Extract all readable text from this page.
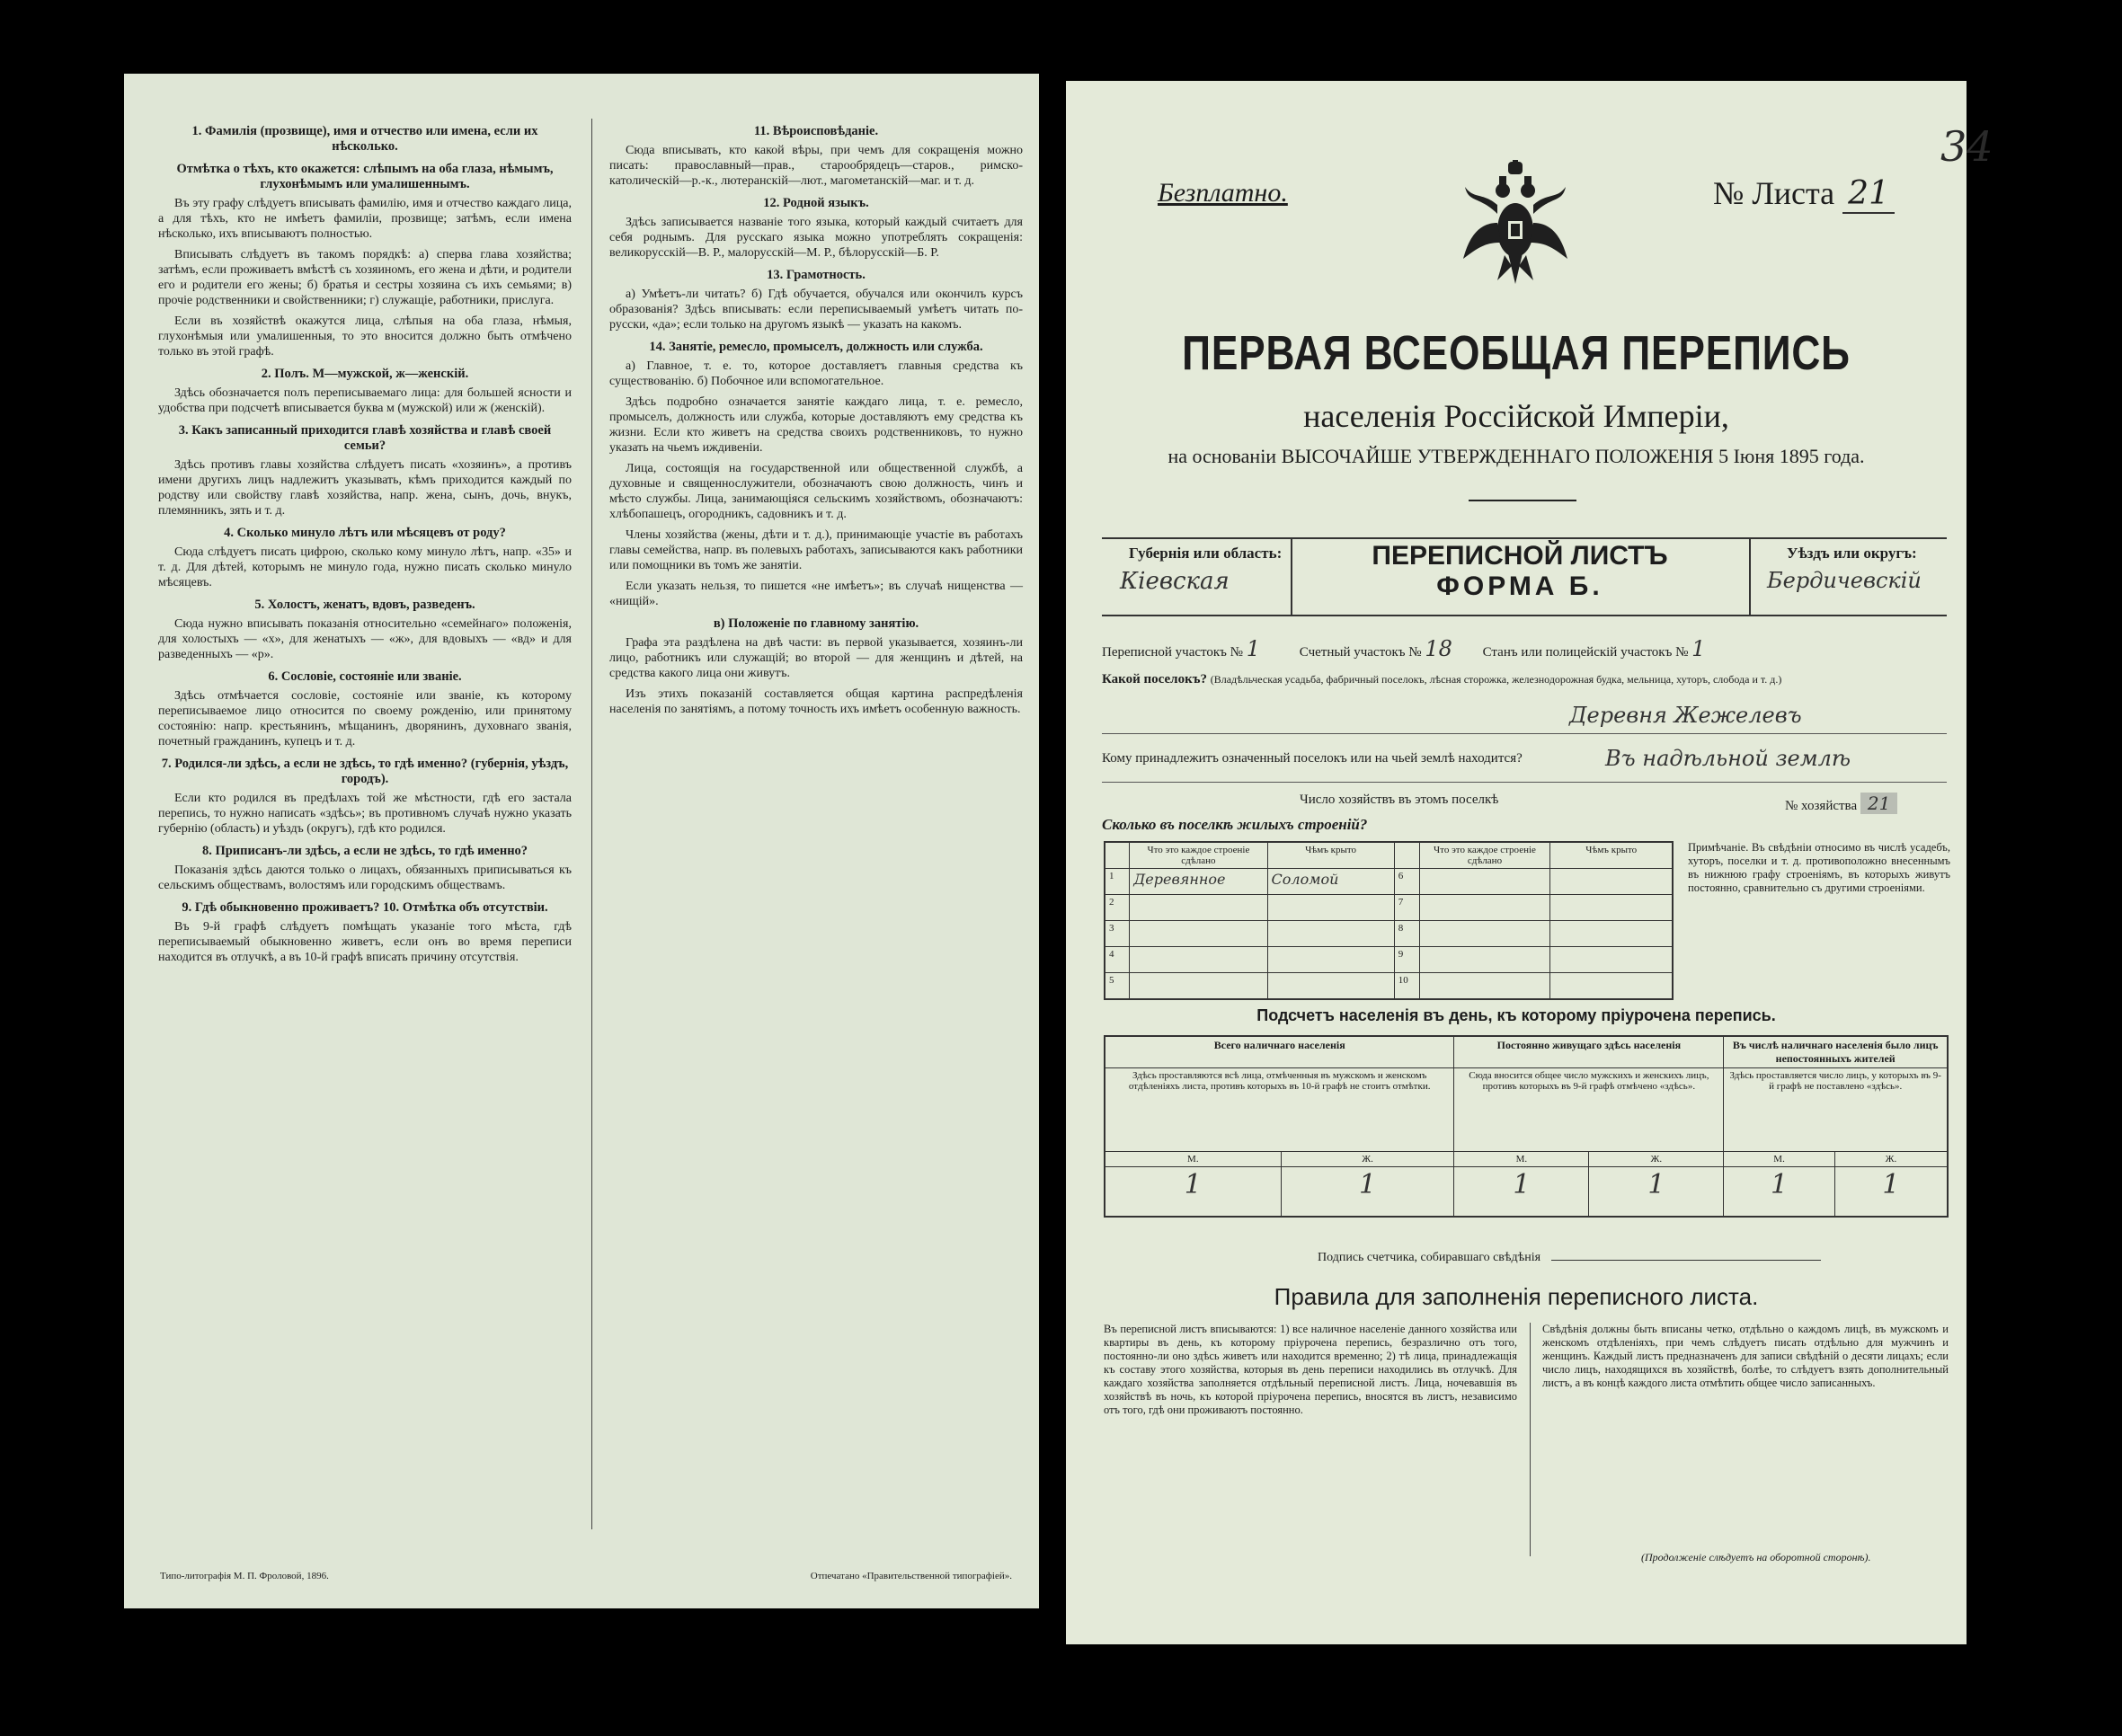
1. Фамилія (прозвище), имя и отчество или имена, если их нѣсколько.
Отмѣтка о тѣхъ, кто окажется: слѣпымъ на оба глаза, нѣмымъ, глухонѣмымъ или умалишеннымъ.
Въ эту графу слѣдуетъ вписывать фамилію, имя и отчество каждаго лица, а для тѣхъ, кто не имѣетъ фамиліи, прозвище; затѣмъ, если имена нѣсколько, ихъ вписываютъ полностью.
Вписывать слѣдуетъ въ такомъ порядкѣ: а) сперва глава хозяйства; затѣмъ, если проживаетъ вмѣстѣ съ хозяиномъ, его жена и дѣти, и родители его и родители его жены; б) братья и сестры хозяина съ ихъ семьями; в) прочіе родственники и свойственники; г) служащіе, работники, прислуга.
Если въ хозяйствѣ окажутся лица, слѣпыя на оба глаза, нѣмыя, глухонѣмыя или умалишенныя, то это вносится должно быть отмѣчено только въ этой графѣ.
2. Полъ. М—мужской, ж—женскій.
Здѣсь обозначается полъ переписываемаго лица: для большей ясности и удобства при подсчетѣ вписывается буква м (мужской) или ж (женскій).
3. Какъ записанный приходится главѣ хозяйства и главѣ своей семьи?
Здѣсь противъ главы хозяйства слѣдуетъ писать «хозяинъ», а противъ имени другихъ лицъ надлежитъ указывать, кѣмъ приходится каждый по родству или свойству главѣ хозяйства, напр. жена, сынъ, дочь, внукъ, племянникъ, зять и т. д.
4. Сколько минуло лѣтъ или мѣсяцевъ от роду?
Сюда слѣдуетъ писать цифрою, сколько кому минуло лѣтъ, напр. «35» и т. д. Для дѣтей, которымъ не минуло года, нужно писать сколько минуло мѣсяцевъ.
5. Холостъ, женатъ, вдовъ, разведенъ.
Сюда нужно вписывать показанія относительно «семейнаго» положенія, для холостыхъ — «х», для женатыхъ — «ж», для вдовыхъ — «вд» и для разведенныхъ — «р».
6. Сословіе, состояніе или званіе.
Здѣсь отмѣчается сословіе, состояніе или званіе, къ которому переписываемое лицо относится по своему рожденію, или принятому состоянію: напр. крестьянинъ, мѣщанинъ, дворянинъ, духовнаго званія, почетный гражданинъ, купецъ и т. д.
7. Родился-ли здѣсь, а если не здѣсь, то гдѣ именно? (губернія, уѣздъ, городъ).
Если кто родился въ предѣлахъ той же мѣстности, гдѣ его застала перепись, то нужно написать «здѣсь»; въ противномъ случаѣ нужно указать губернію (область) и уѣздъ (округъ), гдѣ кто родился.
8. Приписанъ-ли здѣсь, а если не здѣсь, то гдѣ именно?
Показанія здѣсь даются только о лицахъ, обязанныхъ приписываться къ сельскимъ обществамъ, волостямъ или городскимъ обществамъ.
9. Гдѣ обыкновенно проживаетъ? 10. Отмѣтка объ отсутствіи.
Въ 9-й графѣ слѣдуетъ помѣщать указаніе того мѣста, гдѣ переписываемый обыкновенно живетъ, если онъ во время переписи находится въ отлучкѣ, а въ 10-й графѣ вписать причину отсутствія.
11. Вѣроисповѣданіе.
Сюда вписывать, кто какой вѣры, при чемъ для сокращенія можно писать: православный—прав., старообрядецъ—старов., римско-католическій—р.-к., лютеранскій—лют., магометанскій—маг. и т. д.
12. Родной языкъ.
Здѣсь записывается названіе того языка, который каждый считаетъ для себя роднымъ. Для русскаго языка можно употреблять сокращенія: великорусскій—В. Р., малорусскій—М. Р., бѣлорусскій—Б. Р.
13. Грамотность.
а) Умѣетъ-ли читать? б) Гдѣ обучается, обучался или окончилъ курсъ образованія? Здѣсь вписывать: если переписываемый умѣетъ читать по-русски, «да»; если только на другомъ языкѣ — указать на какомъ.
14. Занятіе, ремесло, промыселъ, должность или служба.
а) Главное, т. е. то, которое доставляетъ главныя средства къ существованію. б) Побочное или вспомогательное.
Здѣсь подробно означается занятіе каждаго лица, т. е. ремесло, промыселъ, должность или служба, которые доставляютъ ему средства къ жизни. Если кто живетъ на средства своихъ родственниковъ, то нужно указать на чьемъ иждивеніи.
Лица, состоящія на государственной или общественной службѣ, а духовные и священнослужители, обозначаютъ свою должность, чинъ и мѣсто службы. Лица, занимающіяся сельскимъ хозяйствомъ, обозначаютъ: хлѣбопашецъ, огородникъ, садовникъ и т. д.
Члены хозяйства (жены, дѣти и т. д.), принимающіе участіе въ работахъ главы семейства, напр. въ полевыхъ работахъ, записываются какъ работники или помощники въ томъ же занятіи.
Если указать нельзя, то пишется «не имѣетъ»; въ случаѣ нищенства — «нищій».
в) Положеніе по главному занятію.
Графа эта раздѣлена на двѣ части: въ первой указывается, хозяинъ-ли лицо, работникъ или служащій; во второй — для женщинъ и дѣтей, на средства какого лица они живутъ.
Изъ этихъ показаній составляется общая картина распредѣленія населенія по занятіямъ, а потому точность ихъ имѣетъ особенную важность.
Типо-литографія М. П. Фроловой, 1896.	Отпечатано «Правительственной типографіей».
34
Безплатно.	№ Листа 21
ПЕРВАЯ ВСЕОБЩАЯ ПЕРЕПИСЬ
населенія Россійской Имперіи,
на основаніи ВЫСОЧАЙШЕ УТВЕРЖДЕННАГО ПОЛОЖЕНІЯ 5 Іюня 1895 года.
Губернія или область:
Кіевская
ПЕРЕПИСНОЙ ЛИСТЪ
ФОРМА Б.
Уѣздъ или округъ:
Бердичевскій
Переписной участокъ № 1	Счетный участокъ № 18 Станъ или полицейскій участокъ № 1
Какой поселокъ? (Владѣльческая усадьба, фабричный поселокъ, лѣсная сторожка, железнодорожная будка, мельница, хуторъ, слобода и т. д.)
Деревня Жежелевъ
Кому принадлежитъ означенный поселокъ или на чьей землѣ находится?	Въ надѣльной землѣ
Число хозяйствъ въ этомъ поселкѣ	№ хозяйства 21
Сколько въ поселкѣ жилыхъ строеній?
	Что это каждое строеніе сдѣлано	Чѣмъ крыто		Что это каждое строеніе сдѣлано	Чѣмъ крыто
1	Деревянное	Соломой	6		
2			7		
3			8		
4			9		
5			10		
Примѣчаніе. Въ свѣдѣніи относимо въ числѣ усадебъ, хуторъ, поселки и т. д. противоположно внесеннымъ въ нижнюю графу строеніямъ, въ которыхъ живутъ постоянно, сравнительно съ другими строеніями.
Подсчетъ населенія въ день, къ которому пріурочена перепись.
Всего наличнаго населенія		Постоянно живущаго здѣсь населенія		Въ числѣ наличнаго населенія было лицъ непостоянныхъ жителей	
Здѣсь проставляются всѣ лица, отмѣченныя въ мужскомъ и женскомъ отдѣленіяхъ листа, противъ которыхъ въ 10-й графѣ не стоитъ отмѣтки.		Сюда вносится общее число мужскихъ и женскихъ лицъ, противъ которыхъ въ 9-й графѣ отмѣчено «здѣсь».		Здѣсь проставляется число лицъ, у которыхъ въ 9-й графѣ не поставлено «здѣсь».	
М.	Ж.	М.	Ж.	М.	Ж.
1	1	1	1	1	1
Подпись счетчика, собиравшаго свѣдѣнія
Правила для заполненія переписного листа.
Въ переписной листъ вписываются: 1) все наличное населеніе данного хозяйства или квартиры въ день, къ которому пріурочена перепись, безразлично отъ того, постоянно-ли оно здѣсь живетъ или находится временно; 2) тѣ лица, принадлежащія къ составу этого хозяйства, которыя въ день переписи находились въ отлучкѣ. Для каждаго хозяйства заполняется отдѣльный переписной листъ. Лица, ночевавшія въ хозяйствѣ въ ночь, къ которой пріурочена перепись, вносятся въ листъ, независимо отъ того, гдѣ они проживаютъ постоянно.
Свѣдѣнія должны быть вписаны четко, отдѣльно о каждомъ лицѣ, въ мужскомъ и женскомъ отдѣленіяхъ, при чемъ слѣдуетъ писать отдѣльно для мужчинъ и женщинъ. Каждый листъ предназначенъ для записи свѣдѣній о десяти лицахъ; если число лицъ, находящихся въ хозяйствѣ, болѣе, то слѣдуетъ взять дополнительный листъ, а въ концѣ каждого листа отмѣтить общее число записанныхъ.
(Продолженіе слѣдуетъ на оборотной сторонѣ).
